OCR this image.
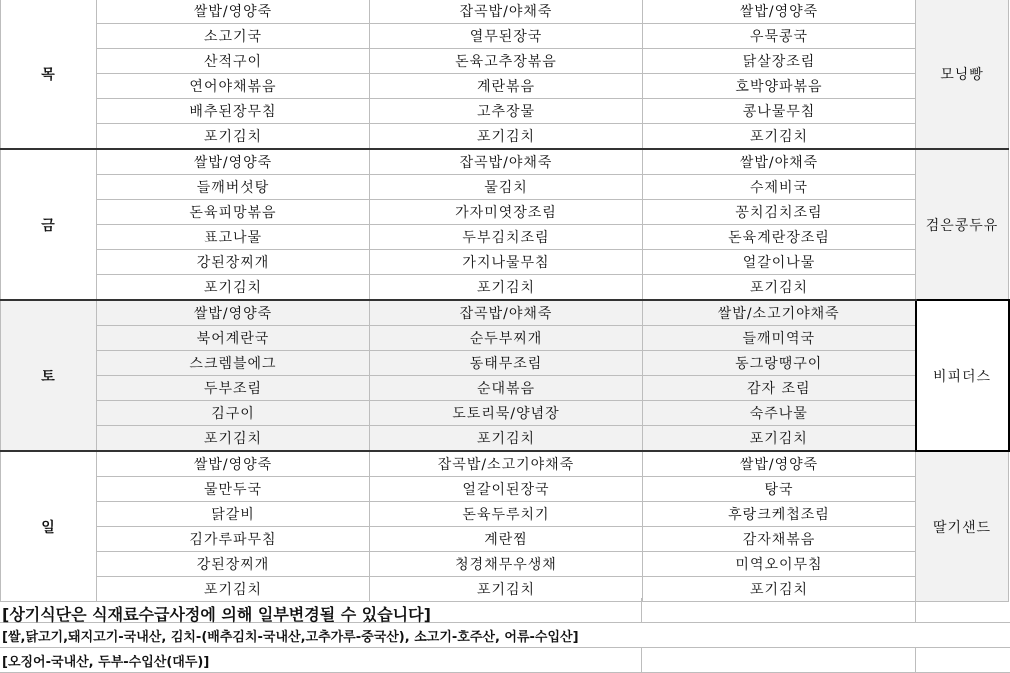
목	쌀밥/영양죽	잡곡밥/야채죽	쌀밥/영양죽	모닝빵
	소고기국	열무된장국	우묵콩국	
	산적구이	돈육고추장볶음	닭살장조림	
	연어야채볶음	계란볶음	호박양파볶음	
	배추된장무침	고추장물	콩나물무침	
	포기김치	포기김치	포기김치	
금	쌀밥/영양죽	잡곡밥/야채죽	쌀밥/야채죽	검은콩두유
	들깨버섯탕	물김치	수제비국	
	돈육피망볶음	가자미엿장조림	꽁치김치조림	
	표고나물	두부김치조림	돈육계란장조림	
	강된장찌개	가지나물무침	얼갈이나물	
	포기김치	포기김치	포기김치	
토	쌀밥/영양죽	잡곡밥/야채죽	쌀밥/소고기야채죽	비피더스
	북어계란국	순두부찌개	들깨미역국	
	스크렘블에그	동태무조림	동그랑땡구이	
	두부조림	순대볶음	감자 조림	
	김구이	도토리묵/양념장	숙주나물	
	포기김치	포기김치	포기김치	
일	쌀밥/영양죽	잡곡밥/소고기야채죽	쌀밥/영양죽	딸기샌드
	물만두국	얼갈이된장국	탕국	
	닭갈비	돈육두루치기	후랑크케첩조림	
	김가루파무침	계란찜	감자채볶음	
	강된장찌개	청경채무우생채	미역오이무침	
	포기김치	포기김치	포기김치	
[상기식단은 식재료수급사정에 의해 일부변경될 수 있습니다]
[쌀,닭고기,돼지고기-국내산, 김치-(배추김치-국내산,고추가루-중국산), 소고기-호주산, 어류-수입산]
[오징어-국내산, 두부-수입산(대두)]
